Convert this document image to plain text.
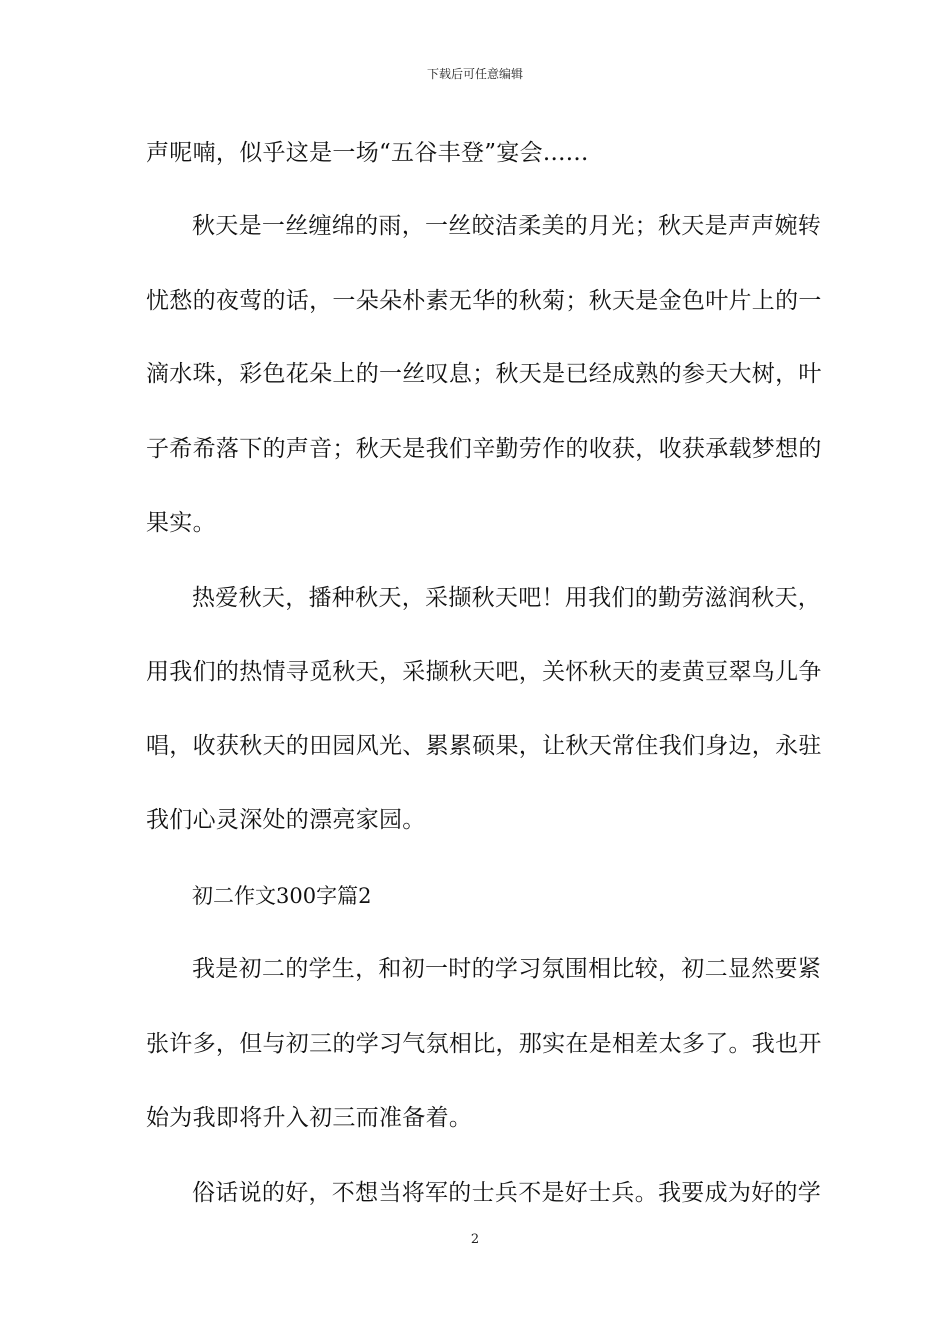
下载后可任意编辑
声呢喃，似乎这是一场“五谷丰登”宴会......
秋天是一丝缠绵的雨，一丝皎洁柔美的月光；秋天是声声婉转
忧愁的夜莺的话，一朵朵朴素无华的秋菊；秋天是金色叶片上的一
滴水珠，彩色花朵上的一丝叹息；秋天是已经成熟的参天大树，叶
子希希落下的声音；秋天是我们辛勤劳作的收获，收获承载梦想的
果实。
热爱秋天，播种秋天，采撷秋天吧！用我们的勤劳滋润秋天，
用我们的热情寻觅秋天，采撷秋天吧，关怀秋天的麦黄豆翠鸟儿争
唱，收获秋天的田园风光、累累硕果，让秋天常住我们身边，永驻
我们心灵深处的漂亮家园。
初二作文300字篇2
我是初二的学生，和初一时的学习氛围相比较，初二显然要紧
张许多，但与初三的学习气氛相比，那实在是相差太多了。我也开
始为我即将升入初三而准备着。
俗话说的好，不想当将军的士兵不是好士兵。我要成为好的学
2
